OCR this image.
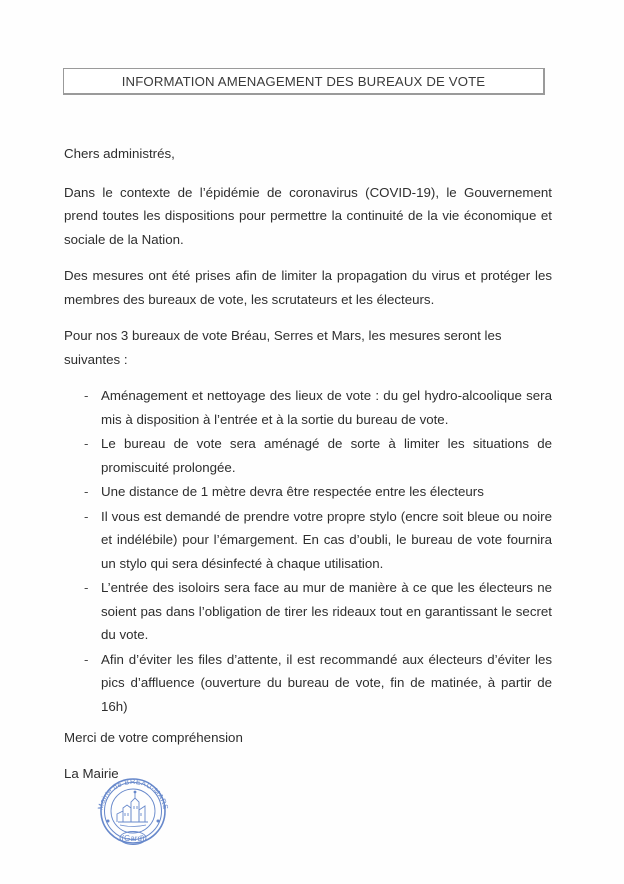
INFORMATION AMENAGEMENT DES BUREAUX DE VOTE

Chers administrés,

Dans le contexte de l’épidémie de coronavirus (COVID-19), le Gouvernement prend toutes les dispositions pour permettre la continuité de la vie économique et sociale de la Nation.

Des mesures ont été prises afin de limiter la propagation du virus et protéger les membres des bureaux de vote, les scrutateurs et les électeurs.

Pour nos 3 bureaux de vote Bréau, Serres et Mars, les mesures seront les suivantes :

- Aménagement et nettoyage des lieux de vote : du gel hydro-alcoolique sera mis à disposition à l’entrée et à la sortie du bureau de vote.
- Le bureau de vote sera aménagé de sorte à limiter les situations de promiscuité prolongée.
- Une distance de 1 mètre devra être respectée entre les électeurs
- Il vous est demandé de prendre votre propre stylo (encre soit bleue ou noire et indélébile) pour l’émargement. En cas d’oubli, le bureau de vote fournira un stylo qui sera désinfecté à chaque utilisation.
- L’entrée des isoloirs sera face au mur de manière à ce que les électeurs ne soient pas dans l’obligation de tirer les rideaux tout en garantissant le secret du vote.
- Afin d’éviter les files d’attente, il est recommandé aux électeurs d’éviter les pics d’affluence (ouverture du bureau de vote, fin de matinée, à partir de 16h)
Merci de votre compréhension
La Mairie
Mairie de BREAU-MARS
(Gard)
